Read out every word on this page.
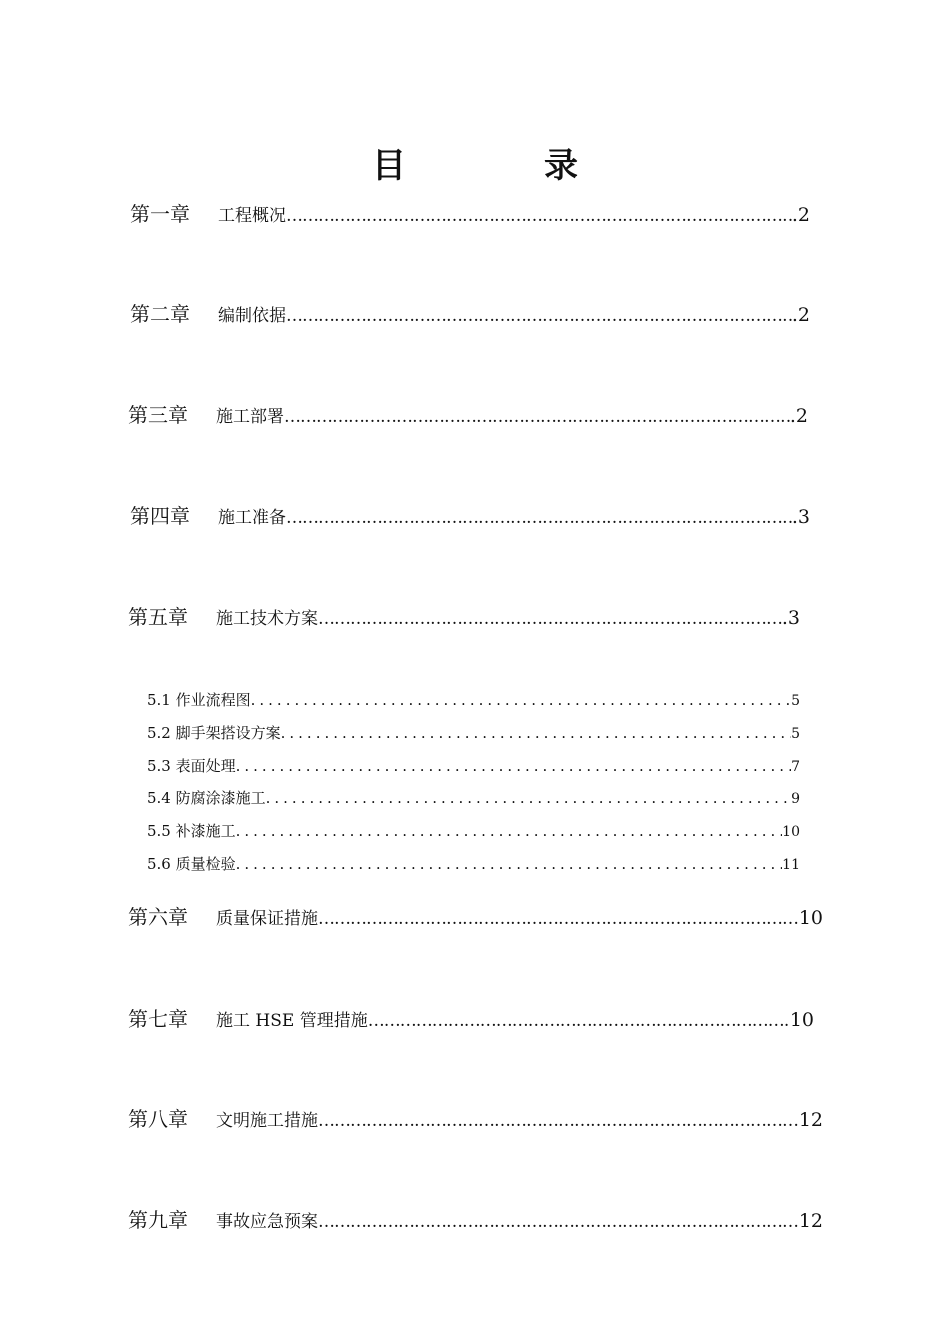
目　录
第一章	工程概况 ……………………………………………………………………………………………………………………	.2
第二章	编制依据 ……………………………………………………………………………………………………………………	.2
第三章	施工部署 ……………………………………………………………………………………………………………………	.2
第四章	施工准备 ……………………………………………………………………………………………………………………	.3
第五章	施工技术方案 ……………………………………………………………………………………………………………………	.3
5.1 作业流程图 .....	5
5.2 脚手架搭设方案 .....	5
5.3 表面处理 .....	7
5.4 防腐涂漆施工 .....	9
5.5 补漆施工 .....	10
5.6 质量检验 .....	11
第六章	质量保证措施 ……………………………………………………………………………………………………………………	10
第七章	施工 HSE 管理措施 ……………………………………………………………………………………………………………………	10
第八章	文明施工措施 ……………………………………………………………………………………………………………………	12
第九章	事故应急预案 ……………………………………………………………………………………………………………………	12
